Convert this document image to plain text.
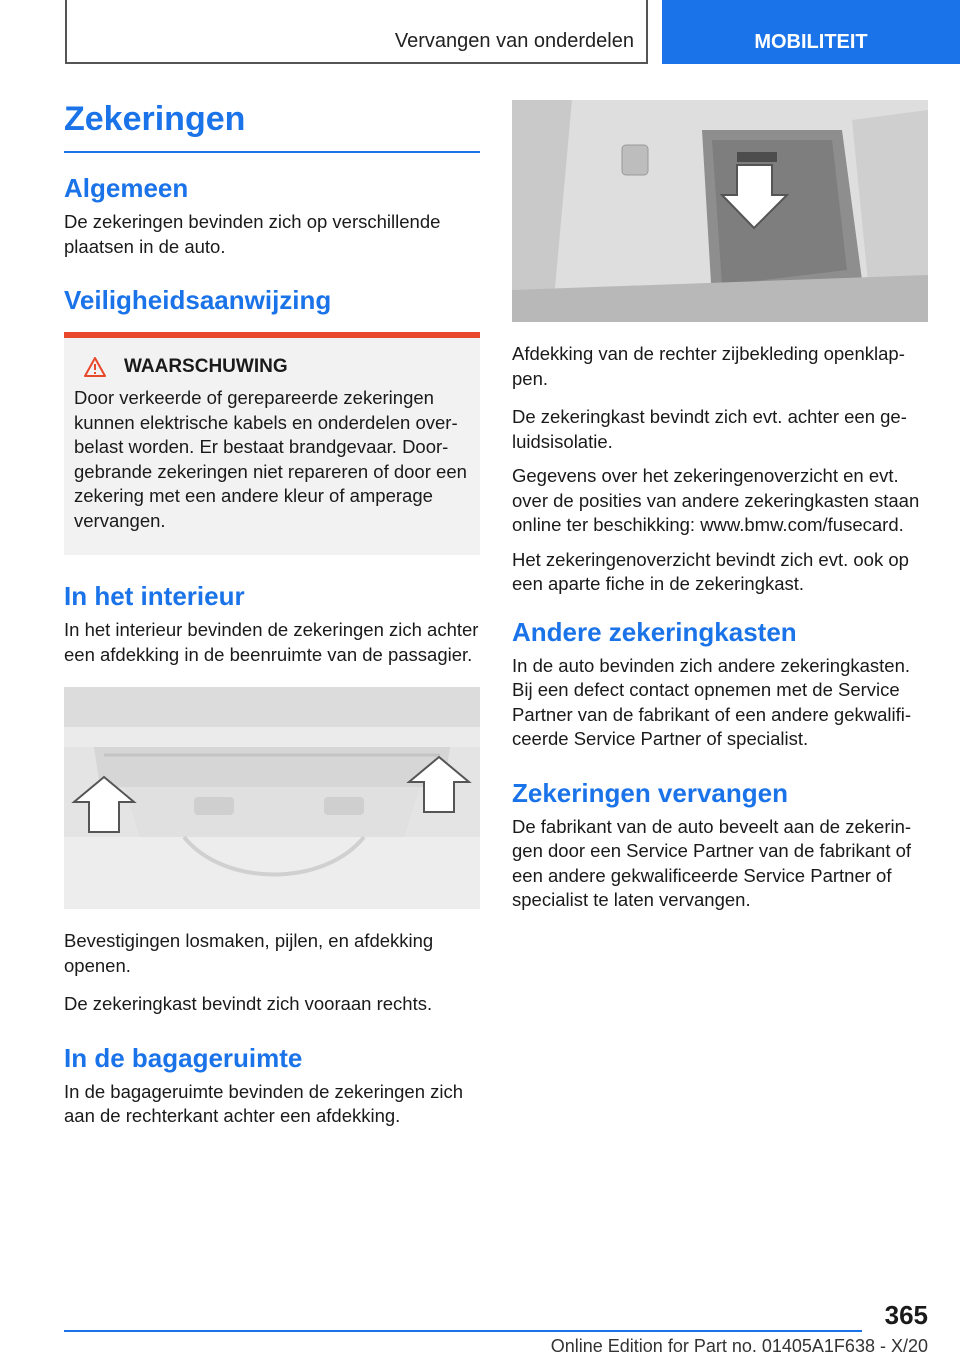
Vervangen van onderdelen	MOBILITEIT
Zekeringen
Algemeen

De zekeringen bevinden zich op verschillende plaatsen in de auto.

Veiligheidsaanwijzing
WAARSCHUWING

Door verkeerde of gerepareerde zekeringen kunnen elektrische kabels en onderdelen overbelast worden. Er bestaat brandgevaar. Doorgebrande zekeringen niet repareren of door een zekering met een andere kleur of amperage vervangen.

In het interieur

In het interieur bevinden de zekeringen zich achter een afdekking in de beenruimte van de passagier.

Bevestigingen losmaken, pijlen, en afdekking openen.

De zekeringkast bevindt zich vooraan rechts.

In de bagageruimte

In de bagageruimte bevinden de zekeringen zich aan de rechterkant achter een afdekking.

Afdekking van de rechter zijbekleding openklappen.

De zekeringkast bevindt zich evt. achter een geluidsisolatie.

Gegevens over het zekeringenoverzicht en evt. over de posities van andere zekeringkasten staan online ter beschikking: www.bmw.com/fusecard.

Het zekeringenoverzicht bevindt zich evt. ook op een aparte fiche in de zekeringkast.

Andere zekeringkasten

In de auto bevinden zich andere zekeringkasten. Bij een defect contact opnemen met de Service Partner van de fabrikant of een andere gekwalificeerde Service Partner of specialist.

Zekeringen vervangen

De fabrikant van de auto beveelt aan de zekeringen door een Service Partner van de fabrikant of een andere gekwalificeerde Service Partner of specialist te laten vervangen.

365
Online Edition for Part no. 01405A1F638 - X/20
